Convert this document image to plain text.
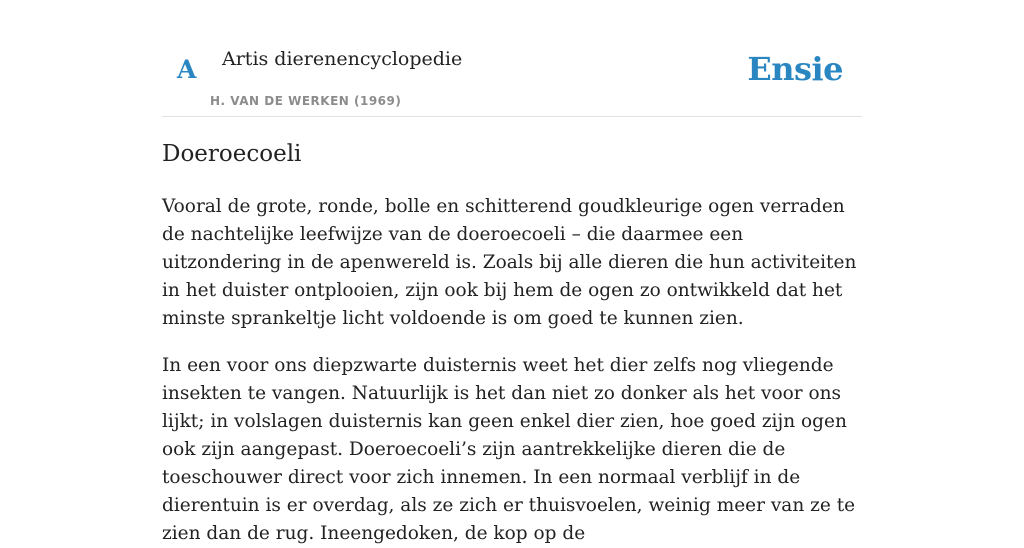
A Artis dierenencyclopedie
H. VAN DE WERKEN (1969)
Ensie
Doeroecoeli

Vooral de grote, ronde, bolle en schitterend goudkleurige ogen verraden de nachtelijke leefwijze van de doeroecoeli – die daarmee een uitzondering in de apenwereld is. Zoals bij alle dieren die hun activiteiten in het duister ontplooien, zijn ook bij hem de ogen zo ontwikkeld dat het minste sprankeltje licht voldoende is om goed te kunnen zien.

In een voor ons diepzwarte duisternis weet het dier zelfs nog vliegende insekten te vangen. Natuurlijk is het dan niet zo donker als het voor ons lijkt; in volslagen duisternis kan geen enkel dier zien, hoe goed zijn ogen ook zijn aangepast. Doeroecoeli’s zijn aantrekkelijke dieren die de toeschouwer direct voor zich innemen. In een normaal verblijf in de dierentuin is er overdag, als ze zich er thuisvoelen, weinig meer van ze te zien dan de rug. Ineengedoken, de kop op de
